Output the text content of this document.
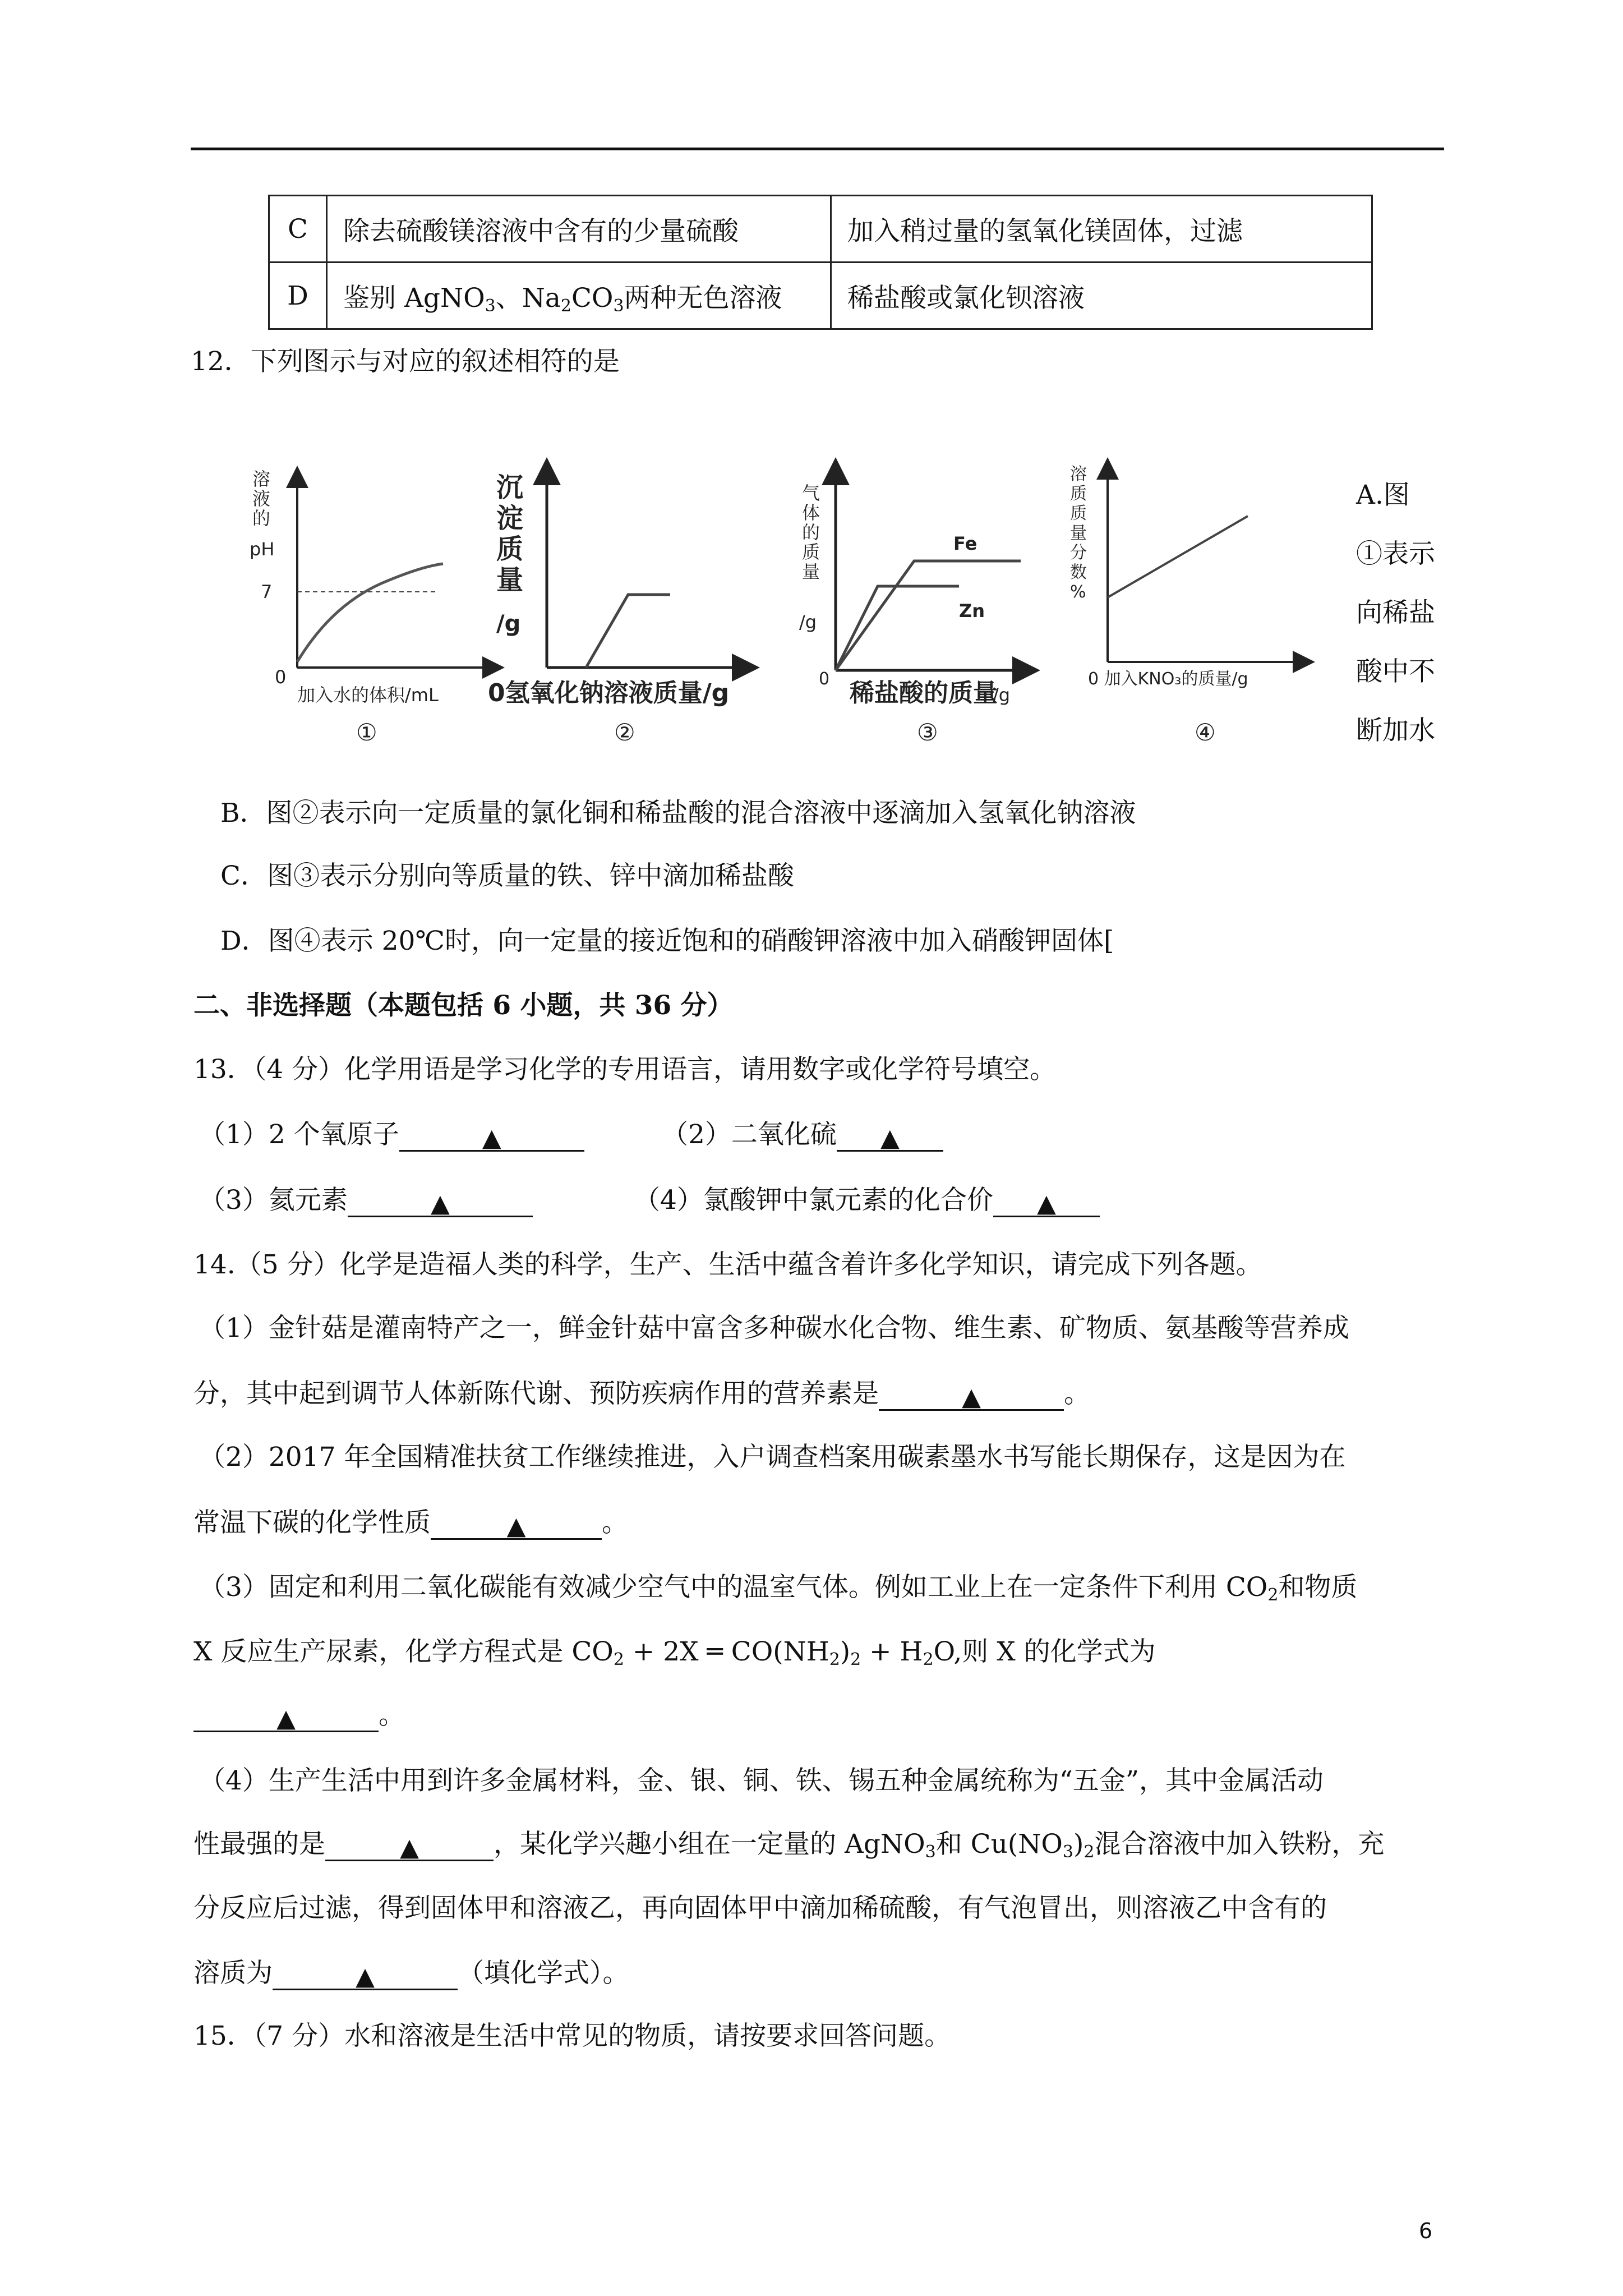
C	除去硫酸镁溶液中含有的少量硫酸	加入稍过量的氢氧化镁固体，过滤
D	鉴别 AgNO$_3$、$Na_2CO_3$两种无色溶液	稀盐酸或氯化钡溶液
12．下列图示与对应的叙述相符的是
溶
液
的
pH
7
0
加入水的体积/mL
①
沉
淀
质
量
/g
0氢氧化钠溶液质量/g
②
气
体
的
质
量
/g
Fe
Zn
0 稀盐酸的质量
/g
③
溶
质
质
量
分
数
%
0 加入KNO₃的质量/g
④
A.图
①表示
向稀盐
酸中不
断加水
B．图②表示向一定质量的氯化铜和稀盐酸的混合溶液中逐滴加入氢氧化钠溶液
C．图③表示分别向等质量的铁、锌中滴加稀盐酸
D．图④表示 20℃时，向一定量的接近饱和的硝酸钾溶液中加入硝酸钾固体[
二、非选择题（本题包括 6 小题，共 36 分）
13．（4 分）化学用语是学习化学的专用语言，请用数字或化学符号填空。
（1）2 个氧原子	▲	（2）二氧化硫 ▲
（3）氦元素	▲	（4）氯酸钾中氯元素的化合价 ▲
14.（5 分）化学是造福人类的科学，生产、生活中蕴含着许多化学知识，请完成下列各题。
（1）金针菇是灌南特产之一，鲜金针菇中富含多种碳水化合物、维生素、矿物质、氨基酸等营养成
分，其中起到调节人体新陈代谢、预防疾病作用的营养素是	▲	。
（2）2017 年全国精准扶贫工作继续推进，入户调查档案用碳素墨水书写能长期保存，这是因为在
常温下碳的化学性质	▲	。
（3）固定和利用二氧化碳能有效减少空气中的温室气体。例如工业上在一定条件下利用 $CO_2$和物质
X 反应生产尿素，化学方程式是 $CO_2 + 2X$ ═ $CO(NH_2)_2 + H_2O$,则 X 的化学式为
▲	。
（4）生产生活中用到许多金属材料，金、银、铜、铁、锡五种金属统称为“五金”，其中金属活动
性最强的是	▲	，某化学兴趣小组在一定量的 AgNO$_3$和 $Cu(NO_3)_2$混合溶液中加入铁粉，充
分反应后过滤，得到固体甲和溶液乙，再向固体甲中滴加稀硫酸，有气泡冒出，则溶液乙中含有的
溶质为	▲	（填化学式）。
15．（7 分）水和溶液是生活中常见的物质，请按要求回答问题。
6
